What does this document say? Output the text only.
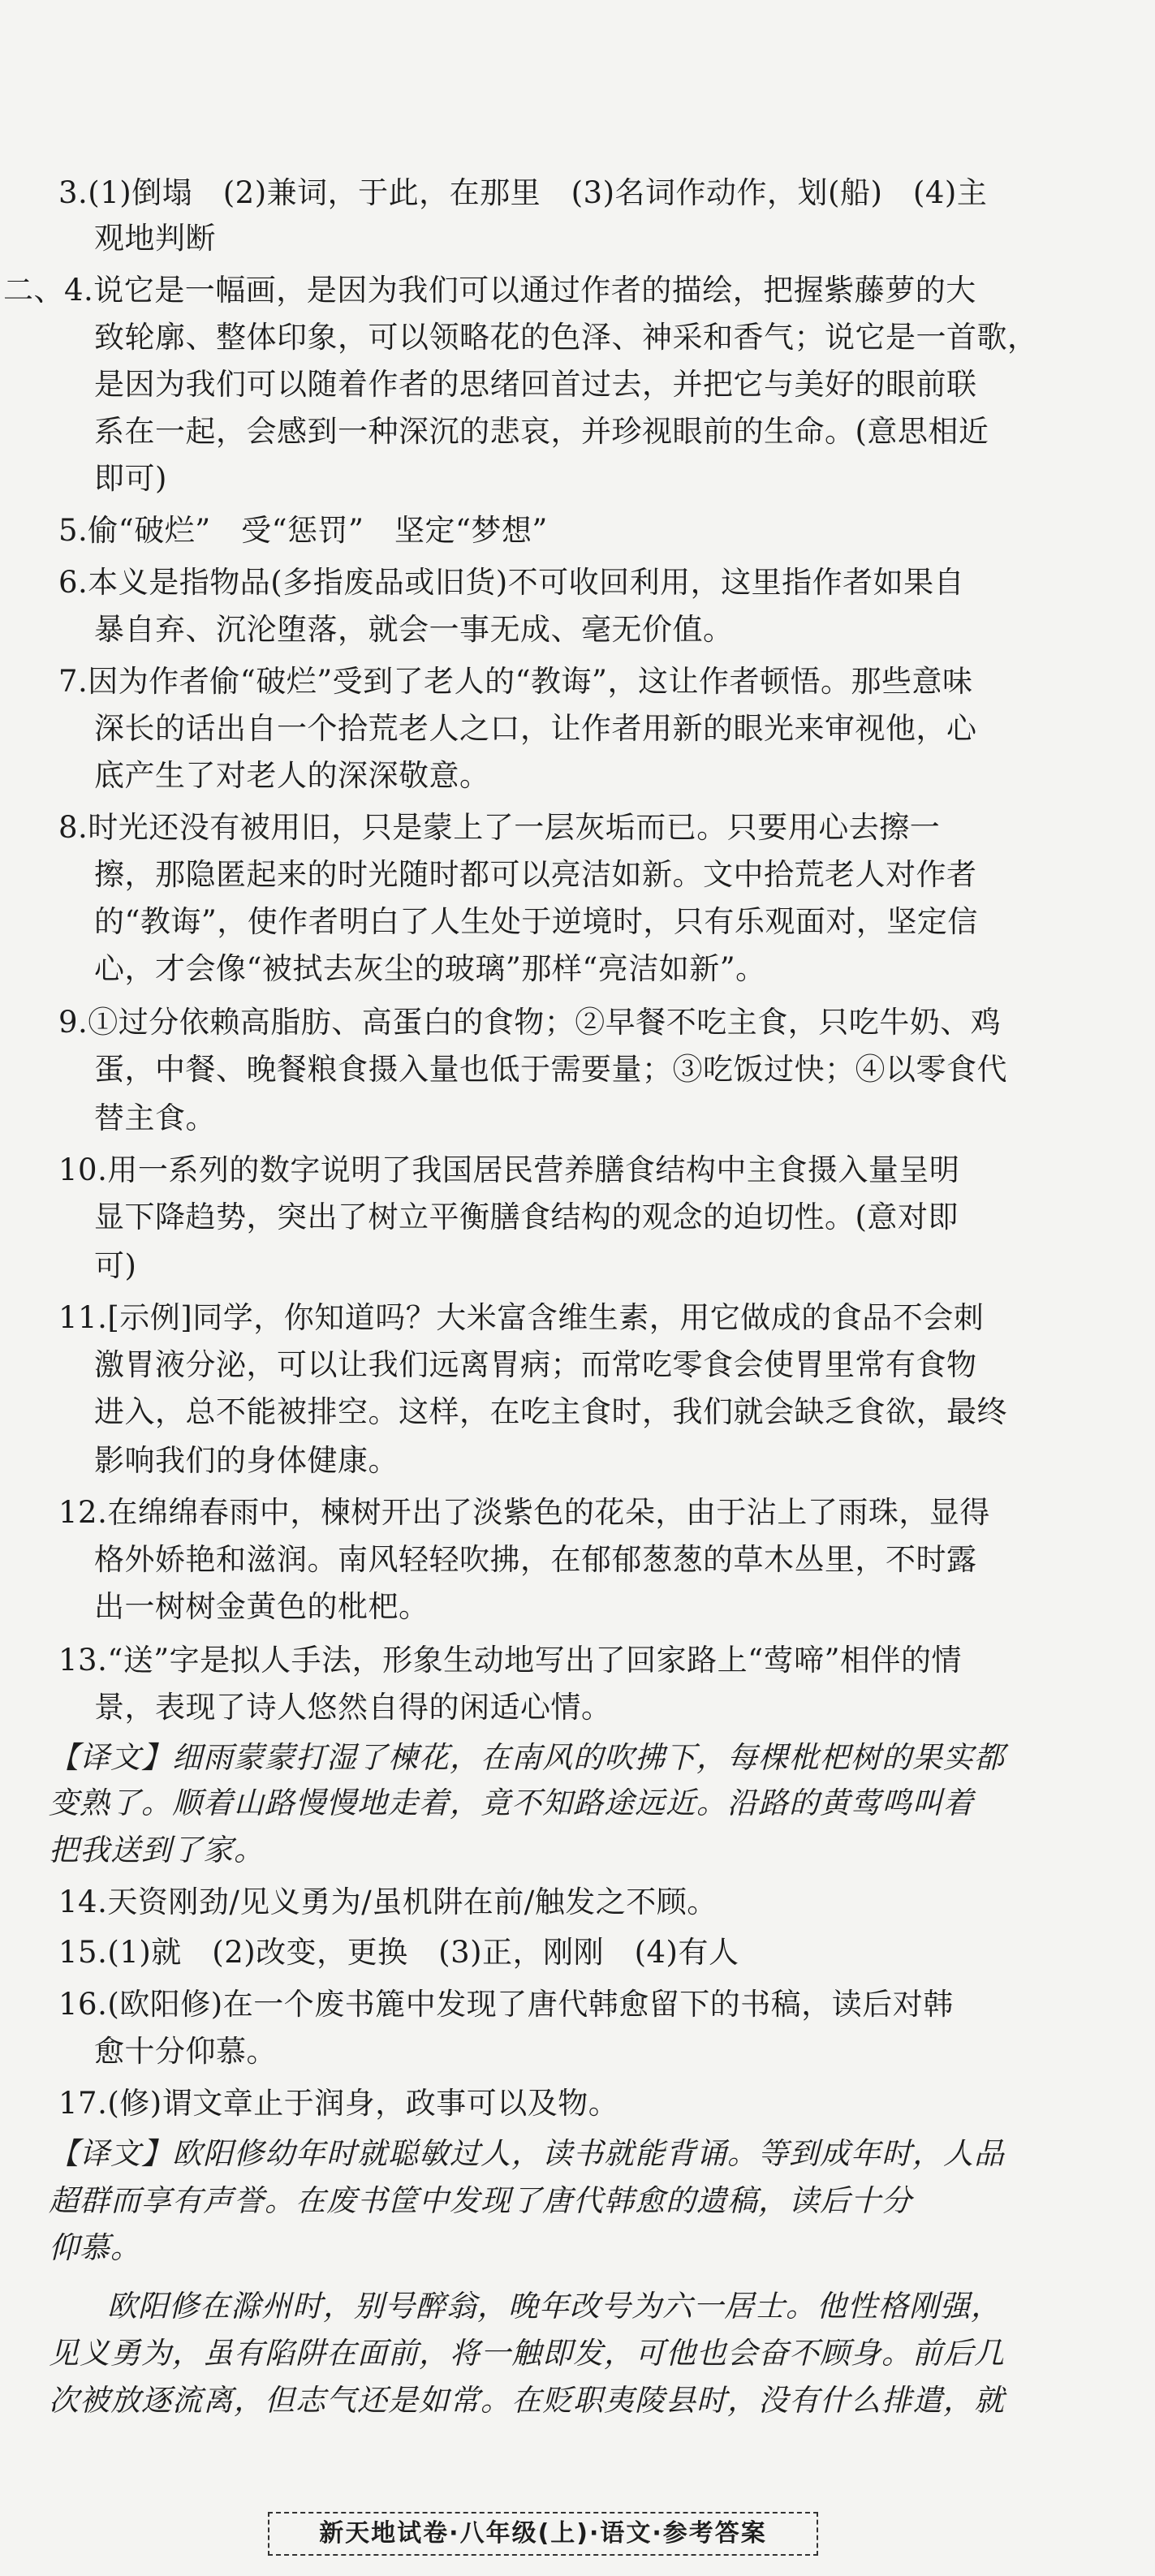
3.(1)倒塌　(2)兼词，于此，在那里　(3)名词作动作，划(船)　(4)主
观地判断
二、4.说它是一幅画，是因为我们可以通过作者的描绘，把握紫藤萝的大
致轮廓、整体印象，可以领略花的色泽、神采和香气；说它是一首歌，
是因为我们可以随着作者的思绪回首过去，并把它与美好的眼前联
系在一起，会感到一种深沉的悲哀，并珍视眼前的生命。(意思相近
即可)
5.偷“破烂”　受“惩罚”　坚定“梦想”
6.本义是指物品(多指废品或旧货)不可收回利用，这里指作者如果自
暴自弃、沉沦堕落，就会一事无成、毫无价值。
7.因为作者偷“破烂”受到了老人的“教诲”，这让作者顿悟。那些意味
深长的话出自一个拾荒老人之口，让作者用新的眼光来审视他，心
底产生了对老人的深深敬意。
8.时光还没有被用旧，只是蒙上了一层灰垢而已。只要用心去擦一
擦，那隐匿起来的时光随时都可以亮洁如新。文中拾荒老人对作者
的“教诲”，使作者明白了人生处于逆境时，只有乐观面对，坚定信
心，才会像“被拭去灰尘的玻璃”那样“亮洁如新”。
9.①过分依赖高脂肪、高蛋白的食物；②早餐不吃主食，只吃牛奶、鸡
蛋，中餐、晚餐粮食摄入量也低于需要量；③吃饭过快；④以零食代
替主食。
10.用一系列的数字说明了我国居民营养膳食结构中主食摄入量呈明
显下降趋势，突出了树立平衡膳食结构的观念的迫切性。(意对即
可)
11.[示例]同学，你知道吗？大米富含维生素，用它做成的食品不会刺
激胃液分泌，可以让我们远离胃病；而常吃零食会使胃里常有食物
进入，总不能被排空。这样，在吃主食时，我们就会缺乏食欲，最终
影响我们的身体健康。
12.在绵绵春雨中，楝树开出了淡紫色的花朵，由于沾上了雨珠，显得
格外娇艳和滋润。南风轻轻吹拂，在郁郁葱葱的草木丛里，不时露
出一树树金黄色的枇杷。
13.“送”字是拟人手法，形象生动地写出了回家路上“莺啼”相伴的情
景，表现了诗人悠然自得的闲适心情。
【译文】细雨蒙蒙打湿了楝花，在南风的吹拂下，每棵枇杷树的果实都
变熟了。顺着山路慢慢地走着，竟不知路途远近。沿路的黄莺鸣叫着
把我送到了家。
14.天资刚劲/见义勇为/虽机阱在前/触发之不顾。
15.(1)就　(2)改变，更换　(3)正，刚刚　(4)有人
16.(欧阳修)在一个废书簏中发现了唐代韩愈留下的书稿，读后对韩
愈十分仰慕。
17.(修)谓文章止于润身，政事可以及物。
【译文】欧阳修幼年时就聪敏过人，读书就能背诵。等到成年时，人品
超群而享有声誉。在废书筐中发现了唐代韩愈的遗稿，读后十分
仰慕。
欧阳修在滁州时，别号醉翁，晚年改号为六一居士。他性格刚强，
见义勇为，虽有陷阱在面前，将一触即发，可他也会奋不顾身。前后几
次被放逐流离，但志气还是如常。在贬职夷陵县时，没有什么排遣，就
新天地试卷·八年级(上)·语文·参考答案
